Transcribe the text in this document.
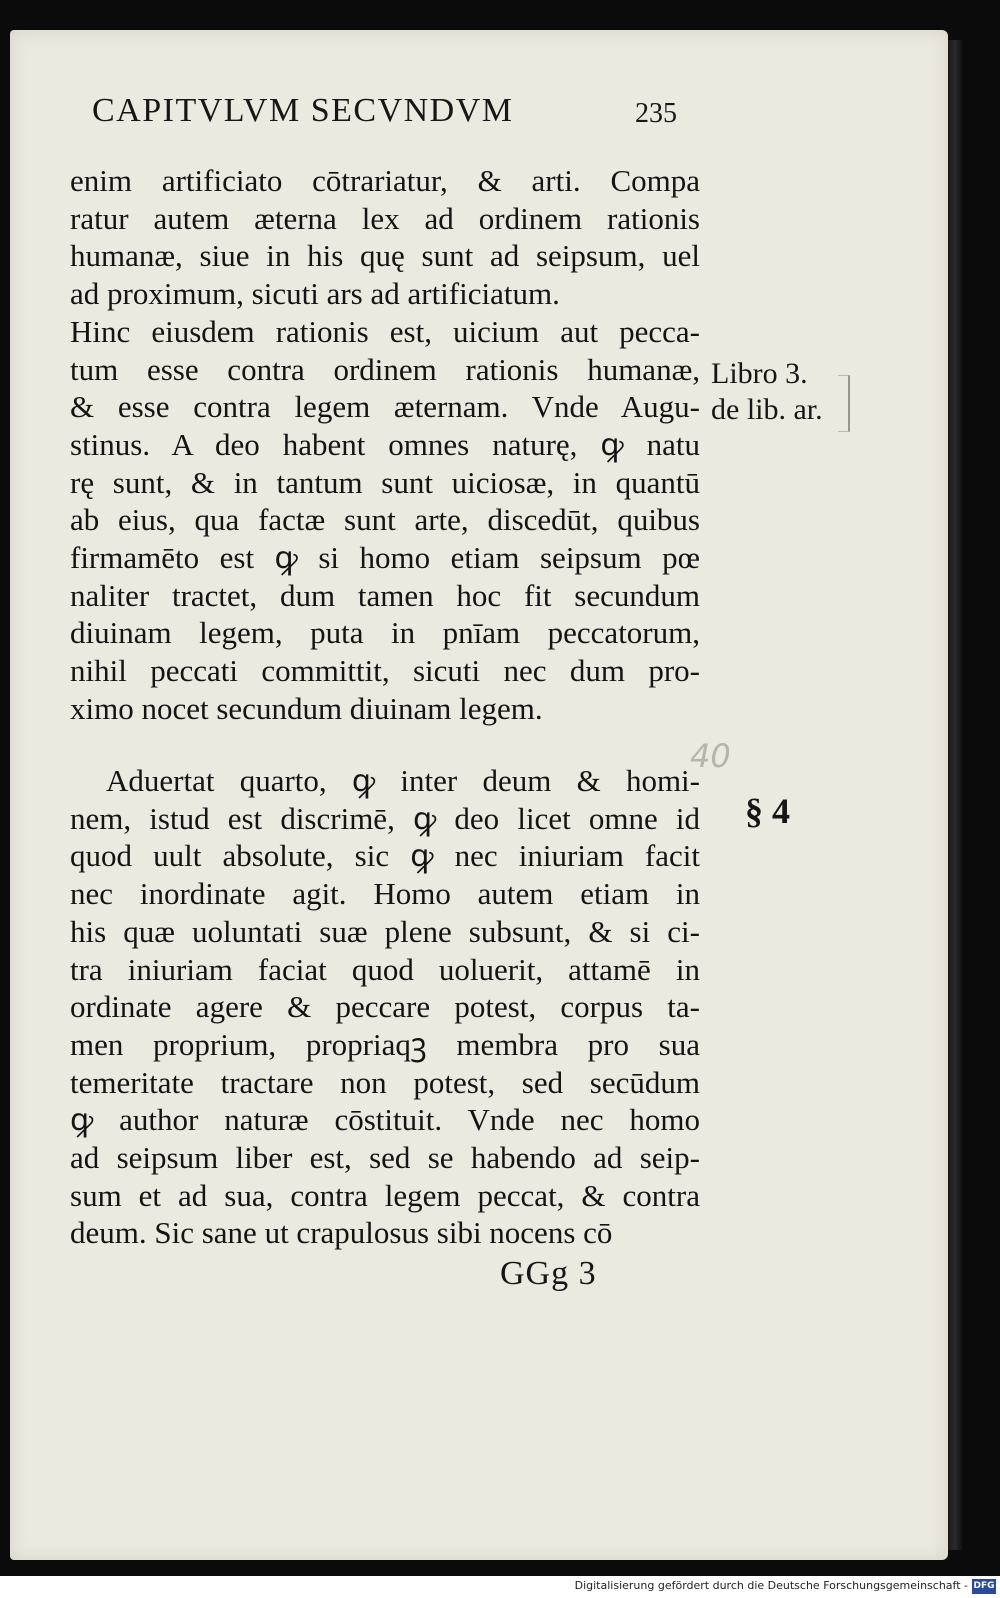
CAPITVLVM SECVNDVM	235
enim artificiato cōtrariatur, & arti. Compa
ratur autem æterna lex ad ordinem rationis
humanæ, siue in his quę sunt ad seipsum, uel
ad proximum, sicuti ars ad artificiatum.
Hinc eiusdem rationis est, uicium aut pecca-
tum esse contra ordinem rationis humanæ,
& esse contra legem æternam. Vnde Augu-
stinus. A deo habent omnes naturę, ꝙ natu
rę sunt, & in tantum sunt uiciosæ, in quantū
ab eius, qua factæ sunt arte, discedūt, quibus
firmamēto est ꝙ si homo etiam seipsum pœ
naliter tractet, dum tamen hoc fit secundum
diuinam legem, puta in pnīam peccatorum,
nihil peccati committit, sicuti nec dum pro-
ximo nocet secundum diuinam legem.
Libro 3.
de lib. ar.
40
Aduertat quarto, ꝙ inter deum & homi-
nem, istud est discrimē, ꝙ deo licet omne id
quod uult absolute, sic ꝙ nec iniuriam facit
nec inordinate agit. Homo autem etiam in
his quæ uoluntati suæ plene subsunt, & si ci-
tra iniuriam faciat quod uoluerit, attamē in
ordinate agere & peccare potest, corpus ta-
men proprium, propriaqꝫ membra pro sua
temeritate tractare non potest, sed secūdum
ꝙ author naturæ cōstituit. Vnde nec homo
ad seipsum liber est, sed se habendo ad seip-
sum et ad sua, contra legem peccat, & contra
deum. Sic sane ut crapulosus sibi nocens cō
§ 4
GGg 3
Digitalisierung gefördert durch die Deutsche Forschungsgemeinschaft - DFG
